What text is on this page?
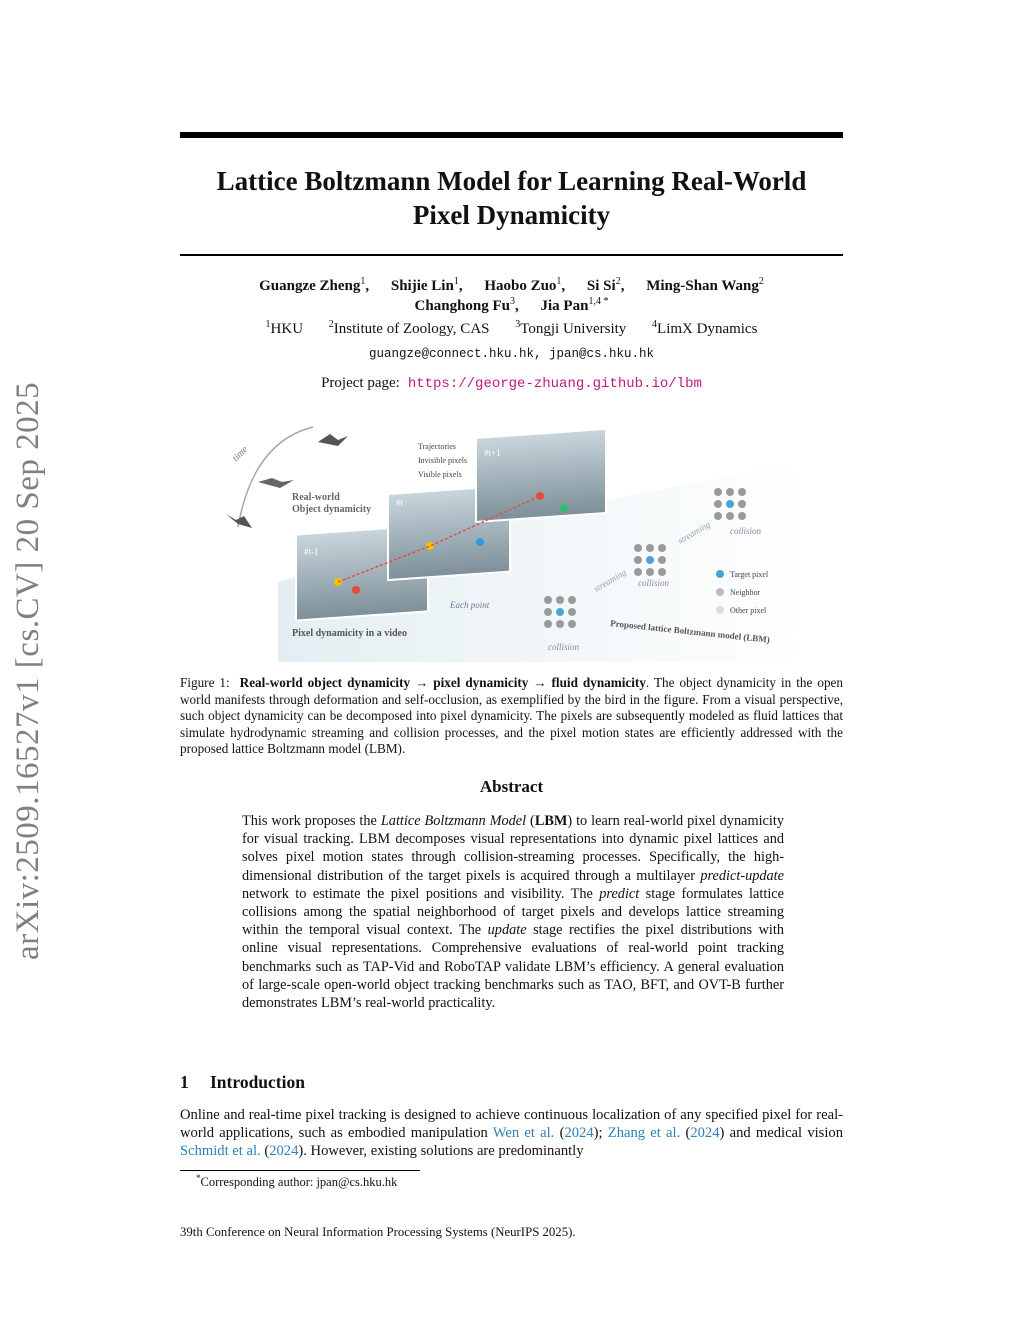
arXiv:2509.16527v1 [cs.CV] 20 Sep 2025
Lattice Boltzmann Model for Learning Real-World
Pixel Dynamicity
Guangze Zheng$^1$, Shijie Lin$^1$, Haobo Zuo$^1$, Si Si$^2$, Ming-Shan Wang$^2$
Changhong Fu$^3$, Jia Pan$^{1,4 *}$
$^1$HKU	$^2$Institute of Zoology, CAS	$^3$Tongji University	$^4$LimX Dynamics
guangze@connect.hku.hk, jpan@cs.hku.hk
Project page: https://george-zhuang.github.io/lbm
time
Real-world
Object dynamicity
#t-1
#t
#t+1
Trajectories
Invisible pixels
Visible pixels
Each point
Pixel dynamicity in a video
streaming
streaming
collision
collision
collision
Target pixel
Neighbor
Other pixel
Proposed lattice Boltzmann model (LBM)
Figure 1: Real-world object dynamicity → pixel dynamicity → fluid dynamicity. The object dynamicity in the open world manifests through deformation and self-occlusion, as exemplified by the bird in the figure. From a visual perspective, such object dynamicity can be decomposed into pixel dynamicity. The pixels are subsequently modeled as fluid lattices that simulate hydrodynamic streaming and collision processes, and the pixel motion states are efficiently addressed with the proposed lattice Boltzmann model (LBM).
Abstract
This work proposes the Lattice Boltzmann Model (LBM) to learn real-world pixel dynamicity for visual tracking. LBM decomposes visual representations into dynamic pixel lattices and solves pixel motion states through collision-streaming processes. Specifically, the high-dimensional distribution of the target pixels is acquired through a multilayer predict-update network to estimate the pixel positions and visibility. The predict stage formulates lattice collisions among the spatial neighborhood of target pixels and develops lattice streaming within the temporal visual context. The update stage rectifies the pixel distributions with online visual representations. Comprehensive evaluations of real-world point tracking benchmarks such as TAP-Vid and RoboTAP validate LBM’s efficiency. A general evaluation of large-scale open-world object tracking benchmarks such as TAO, BFT, and OVT-B further demonstrates LBM’s real-world practicality.
1 Introduction
Online and real-time pixel tracking is designed to achieve continuous localization of any specified pixel for real-world applications, such as embodied manipulation Wen et al. (2024); Zhang et al. (2024) and medical vision Schmidt et al. (2024). However, existing solutions are predominantly
*Corresponding author: jpan@cs.hku.hk
39th Conference on Neural Information Processing Systems (NeurIPS 2025).
